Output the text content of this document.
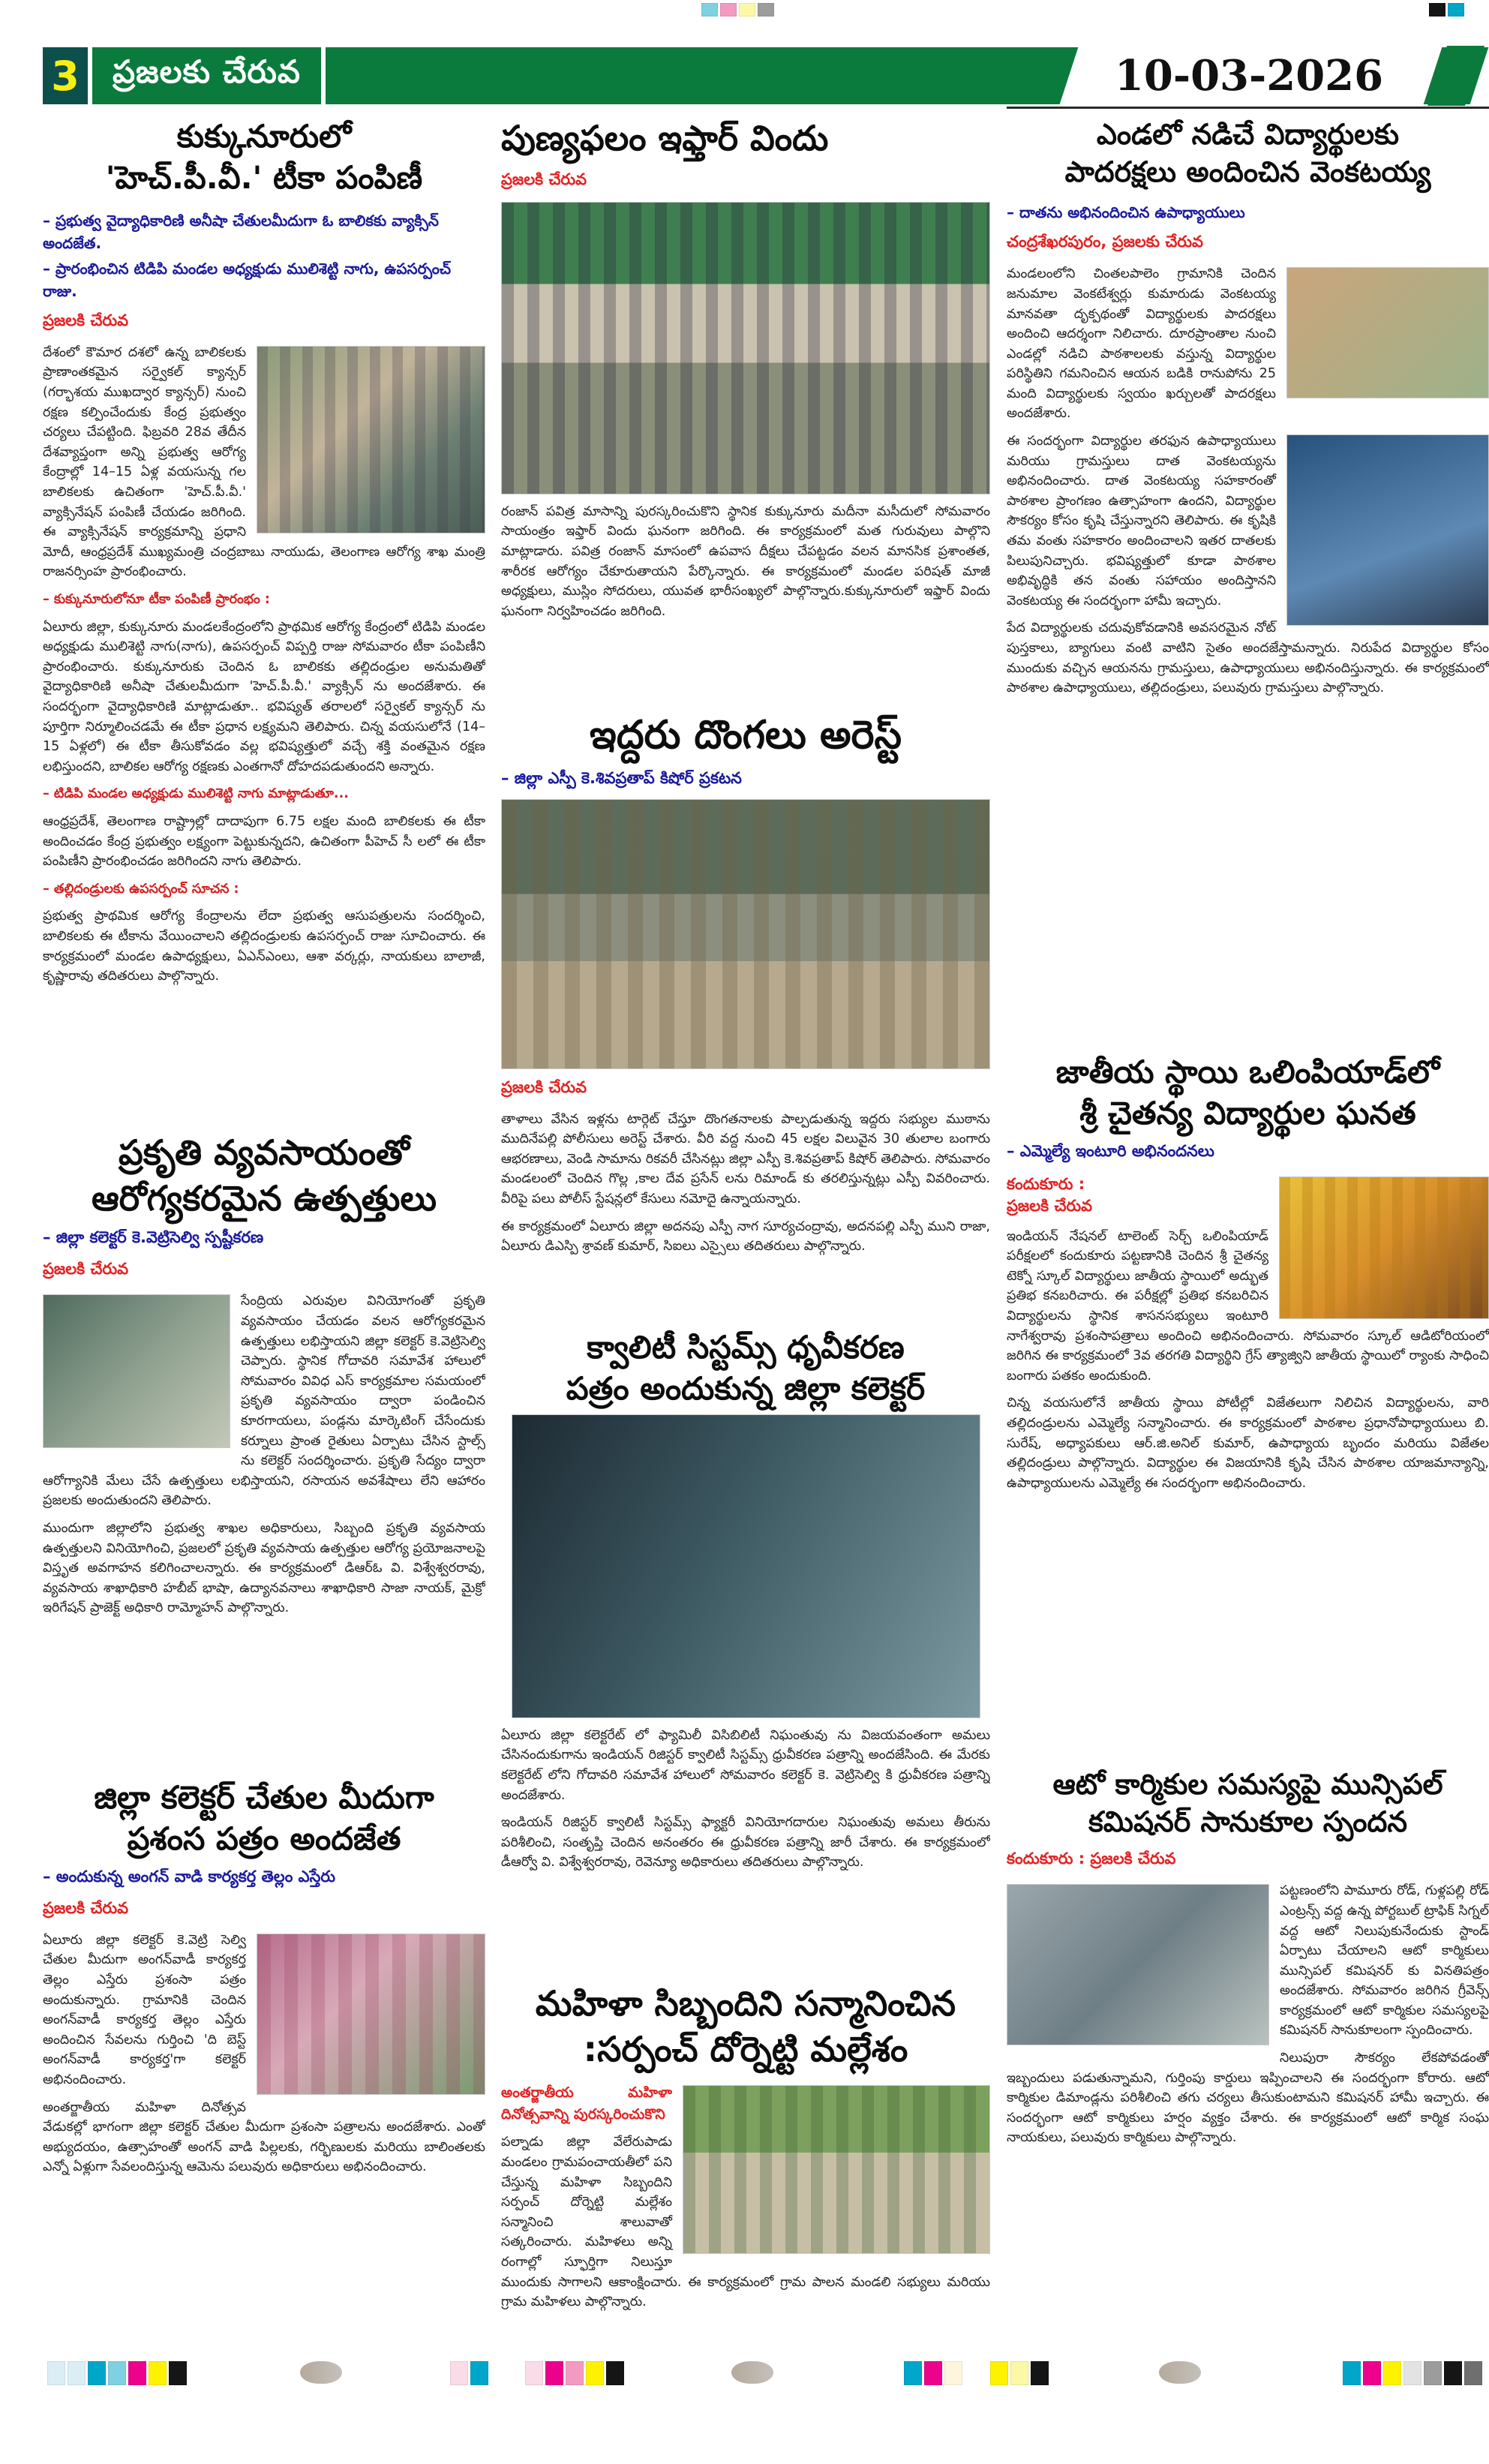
3	ప్రజలకు చేరువ	10-03-2026
కుక్కునూరులో
'హెచ్.పీ.వీ.' టీకా పంపిణీ
– ప్రభుత్వ వైద్యాధికారిణి అనీషా చేతులమీదుగా ఓ బాలికకు వ్యాక్సిన్ అందజేత.
– ప్రారంభించిన టిడిపి మండల అధ్యక్షుడు ములిశెట్టి నాగు, ఉపసర్పంచ్ రాజు.
ప్రజలకి చేరువ

దేశంలో కౌమార దశలో ఉన్న బాలికలకు ప్రాణాంతకమైన సర్వైకల్ క్యాన్సర్ (గర్భాశయ ముఖద్వార క్యాన్సర్) నుంచి రక్షణ కల్పించేందుకు కేంద్ర ప్రభుత్వం చర్యలు చేపట్టింది. ఫిబ్రవరి 28వ తేదీన దేశవ్యాప్తంగా అన్ని ప్రభుత్వ ఆరోగ్య కేంద్రాల్లో 14–15 ఏళ్ల వయసున్న గల బాలికలకు ఉచితంగా 'హెచ్.పీ.వీ.' వ్యాక్సినేషన్ పంపిణీ చేయడం జరిగింది. ఈ వ్యాక్సినేషన్ కార్యక్రమాన్ని ప్రధాని మోదీ, ఆంధ్రప్రదేశ్ ముఖ్యమంత్రి చంద్రబాబు నాయుడు, తెలంగాణ ఆరోగ్య శాఖ మంత్రి రాజనర్సింహ ప్రారంభించారు.

– కుక్కునూరులోనూ టీకా పంపిణీ ప్రారంభం :

ఏలూరు జిల్లా, కుక్కునూరు మండలకేంద్రంలోని ప్రాథమిక ఆరోగ్య కేంద్రంలో టిడిపి మండల అధ్యక్షుడు ములిశెట్టి నాగు(నాగు), ఉపసర్పంచ్ విప్పర్తి రాజు సోమవారం టీకా పంపిణీని ప్రారంభించారు. కుక్కునూరుకు చెందిన ఓ బాలికకు తల్లిదండ్రుల అనుమతితో వైద్యాధికారిణి అనీషా చేతులమీదుగా 'హెచ్.పీ.వీ.' వ్యాక్సిన్ ను అందజేశారు. ఈ సందర్భంగా వైద్యాధికారిణి మాట్లాడుతూ.. భవిష్యత్ తరాలలో సర్వైకల్ క్యాన్సర్ ను పూర్తిగా నిర్మూలించడమే ఈ టీకా ప్రధాన లక్ష్యమని తెలిపారు. చిన్న వయసులోనే (14–15 ఏళ్లలో) ఈ టీకా తీసుకోవడం వల్ల భవిష్యత్తులో వచ్చే శక్తి వంతమైన రక్షణ లభిస్తుందని, బాలికల ఆరోగ్య రక్షణకు ఎంతగానో దోహదపడుతుందని అన్నారు.

– టిడిపి మండల అధ్యక్షుడు ములిశెట్టి నాగు మాట్లాడుతూ...

ఆంధ్రప్రదేశ్, తెలంగాణ రాష్ట్రాల్లో దాదాపుగా 6.75 లక్షల మంది బాలికలకు ఈ టీకా అందించడం కేంద్ర ప్రభుత్వం లక్ష్యంగా పెట్టుకున్నదని, ఉచితంగా పీహెచ్ సీ లలో ఈ టీకా పంపిణీని ప్రారంభించడం జరిగిందని నాగు తెలిపారు.

– తల్లిదండ్రులకు ఉపసర్పంచ్ సూచన :

ప్రభుత్వ ప్రాథమిక ఆరోగ్య కేంద్రాలను లేదా ప్రభుత్వ ఆసుపత్రులను సందర్శించి, బాలికలకు ఈ టీకాను వేయించాలని తల్లిదండ్రులకు ఉపసర్పంచ్ రాజు సూచించారు. ఈ కార్యక్రమంలో మండల ఉపాధ్యక్షులు, ఏఎన్ఎంలు, ఆశా వర్కర్లు, నాయకులు బాలాజీ, కృష్ణారావు తదితరులు పాల్గొన్నారు.

ప్రకృతి వ్యవసాయంతో
ఆరోగ్యకరమైన ఉత్పత్తులు
– జిల్లా కలెక్టర్ కె.వెట్రిసెల్వి స్పష్టీకరణ
ప్రజలకి చేరువ

సేంద్రియ ఎరువుల వినియోగంతో ప్రకృతి వ్యవసాయం చేయడం వలన ఆరోగ్యకరమైన ఉత్పత్తులు లభిస్తాయని జిల్లా కలెక్టర్ కె.వెట్రిసెల్వి చెప్పారు. స్థానిక గోదావరి సమావేశ హాలులో సోమవారం వివిధ ఎస్ కార్యక్రమాల సమయంలో ప్రకృతి వ్యవసాయం ద్వారా పండించిన కూరగాయలు, పండ్లను మార్కెటింగ్ చేసేందుకు కర్నూలు ప్రాంత రైతులు ఏర్పాటు చేసిన స్టాల్స్ ను కలెక్టర్ సందర్శించారు. ప్రకృతి సేద్యం ద్వారా ఆరోగ్యానికి మేలు చేసే ఉత్పత్తులు లభిస్తాయని, రసాయన అవశేషాలు లేని ఆహారం ప్రజలకు అందుతుందని తెలిపారు.

ముందుగా జిల్లాలోని ప్రభుత్వ శాఖల అధికారులు, సిబ్బంది ప్రకృతి వ్యవసాయ ఉత్పత్తులని వినియోగించి, ప్రజలలో ప్రకృతి వ్యవసాయ ఉత్పత్తుల ఆరోగ్య ప్రయోజనాలపై విస్తృత అవగాహన కలిగించాలన్నారు. ఈ కార్యక్రమంలో డిఆర్ఓ వి. విశ్వేశ్వరరావు, వ్యవసాయ శాఖాధికారి హబీబ్ భాషా, ఉద్యానవనాలు శాఖాధికారి సాజా నాయక్, మైక్రో ఇరిగేషన్ ప్రాజెక్ట్ అధికారి రామ్మోహన్ పాల్గొన్నారు.

జిల్లా కలెక్టర్ చేతుల మీదుగా
ప్రశంస పత్రం అందజేత
– అందుకున్న అంగన్ వాడి కార్యకర్త తెల్లం ఎస్తేరు
ప్రజలకి చేరువ

ఏలూరు జిల్లా కలెక్టర్ కె.వెట్రి సెల్వి చేతుల మీదుగా అంగన్‌వాడీ కార్యకర్త తెల్లం ఎస్తేరు ప్రశంసా పత్రం అందుకున్నారు. గ్రామానికి చెందిన అంగన్‌వాడీ కార్యకర్త తెల్లం ఎస్తేరు అందించిన సేవలను గుర్తించి 'ది బెస్ట్ అంగన్‌వాడీ కార్యకర్త'గా కలెక్టర్ అభినందించారు.

అంతర్జాతీయ మహిళా దినోత్సవ వేడుకల్లో భాగంగా జిల్లా కలెక్టర్ చేతుల మీదుగా ప్రశంసా పత్రాలను అందజేశారు. ఎంతో అభ్యుదయం, ఉత్సాహంతో అంగన్ వాడి పిల్లలకు, గర్భిణులకు మరియు బాలింతలకు ఎన్నో ఏళ్లుగా సేవలందిస్తున్న ఆమెను పలువురు అధికారులు అభినందించారు.

పుణ్యఫలం ఇఫ్తార్ విందు
ప్రజలకి చేరువ

రంజాన్ పవిత్ర మాసాన్ని పురస్కరించుకొని స్థానిక కుక్కునూరు మదీనా మసీదులో సోమవారం సాయంత్రం ఇఫ్తార్ విందు ఘనంగా జరిగింది. ఈ కార్యక్రమంలో మత గురువులు పాల్గొని మాట్లాడారు. పవిత్ర రంజాన్ మాసంలో ఉపవాస దీక్షలు చేపట్టడం వలన మానసిక ప్రశాంతత, శారీరక ఆరోగ్యం చేకూరుతాయని పేర్కొన్నారు. ఈ కార్యక్రమంలో మండల పరిషత్ మాజీ అధ్యక్షులు, ముస్లిం సోదరులు, యువత భారీసంఖ్యలో పాల్గొన్నారు.కుక్కునూరులో ఇఫ్తార్ విందు ఘనంగా నిర్వహించడం జరిగింది.

ఇద్దరు దొంగలు అరెస్ట్
– జిల్లా ఎస్పీ కె.శివప్రతాప్ కిషోర్ ప్రకటన
ప్రజలకి చేరువ

తాళాలు వేసిన ఇళ్లను టార్గెట్ చేస్తూ దొంగతనాలకు పాల్పడుతున్న ఇద్దరు సభ్యుల ముఠాను ముదినేపల్లి పోలీసులు అరెస్ట్ చేశారు. వీరి వద్ద నుంచి 45 లక్షల విలువైన 30 తులాల బంగారు ఆభరణాలు, వెండి సామాను రికవరీ చేసినట్లు జిల్లా ఎస్పీ కె.శివప్రతాప్ కిషోర్ తెలిపారు. సోమవారం మండలంలో చెందిన గొల్ల ,కాల దేవ ప్రసేన్ లను రిమాండ్ కు తరలిస్తున్నట్లు ఎస్పీ వివరించారు. వీరిపై పలు పోలీస్ స్టేషన్లలో కేసులు నమోదై ఉన్నాయన్నారు.

ఈ కార్యక్రమంలో ఏలూరు జిల్లా అదనపు ఎస్పీ నాగ సూర్యచంద్రావు, అదనపల్లి ఎస్పీ ముని రాజా, ఏలూరు డిఎస్పి శ్రావణ్ కుమార్, సిఐలు ఎస్సైలు తదితరులు పాల్గొన్నారు.

క్వాలిటీ సిస్టమ్స్ ధృవీకరణ
పత్రం అందుకున్న జిల్లా కలెక్టర్

ఏలూరు జిల్లా కలెక్టరేట్ లో ఫ్యామిలీ విసిబిలిటీ నిఘంతువు ను విజయవంతంగా అమలు చేసినందుకుగాను ఇండియన్ రిజిస్టర్ క్వాలిటీ సిస్టమ్స్ ధ్రువీకరణ పత్రాన్ని అందజేసింది. ఈ మేరకు కలెక్టరేట్ లోని గోదావరి సమావేశ హాలులో సోమవారం కలెక్టర్ కె. వెట్రిసెల్వి కి ధ్రువీకరణ పత్రాన్ని అందజేశారు.

ఇండియన్ రిజిస్టర్ క్వాలిటీ సిస్టమ్స్ ఫ్యాక్టరీ వినియోగదారుల నిఘంతువు అమలు తీరును పరిశీలించి, సంతృప్తి చెందిన అనంతరం ఈ ధ్రువీకరణ పత్రాన్ని జారీ చేశారు. ఈ కార్యక్రమంలో డీఆర్వో వి. విశ్వేశ్వరరావు, రెవెన్యూ అధికారులు తదితరులు పాల్గొన్నారు.

మహిళా సిబ్బందిని సన్మానించిన
:సర్పంచ్ దోర్నెట్టి మల్లేశం

అంతర్జాతీయ మహిళా దినోత్సవాన్ని పురస్కరించుకొని

పల్నాడు జిల్లా వేలేరుపాడు మండలం గ్రామపంచాయతీలో పని చేస్తున్న మహిళా సిబ్బందిని సర్పంచ్ దోర్నెట్టి మల్లేశం సన్మానించి శాలువాతో సత్కరించారు. మహిళలు అన్ని రంగాల్లో స్ఫూర్తిగా నిలుస్తూ ముందుకు సాగాలని ఆకాంక్షించారు. ఈ కార్యక్రమంలో గ్రామ పాలన మండలి సభ్యులు మరియు గ్రామ మహిళలు పాల్గొన్నారు.

ఎండలో నడిచే విద్యార్థులకు
పాదరక్షలు అందించిన వెంకటయ్య
– దాతను అభినందించిన ఉపాధ్యాయులు
చంద్రశేఖరపురం, ప్రజలకు చేరువ

మండలంలోని చింతలపాలెం గ్రామానికి చెందిన జనుమాల వెంకటేశ్వర్లు కుమారుడు వెంకటయ్య మానవతా దృక్పథంతో విద్యార్థులకు పాదరక్షలు అందించి ఆదర్శంగా నిలిచారు. దూరప్రాంతాల నుంచి ఎండల్లో నడిచి పాఠశాలలకు వస్తున్న విద్యార్థుల పరిస్థితిని గమనించిన ఆయన బడికి రానుపోను 25 మంది విద్యార్థులకు స్వయం ఖర్చులతో పాదరక్షలు అందజేశారు.

ఈ సందర్భంగా విద్యార్థుల తరఫున ఉపాధ్యాయులు మరియు గ్రామస్తులు దాత వెంకటయ్యను అభినందించారు. దాత వెంకటయ్య సహకారంతో పాఠశాల ప్రాంగణం ఉత్సాహంగా ఉందని, విద్యార్థుల సౌకర్యం కోసం కృషి చేస్తున్నారని తెలిపారు. ఈ కృషికి తమ వంతు సహకారం అందించాలని ఇతర దాతలకు పిలుపునిచ్చారు. భవిష్యత్తులో కూడా పాఠశాల అభివృద్ధికి తన వంతు సహాయం అందిస్తానని వెంకటయ్య ఈ సందర్భంగా హామీ ఇచ్చారు.

పేద విద్యార్థులకు చదువుకోవడానికి అవసరమైన నోట్ పుస్తకాలు, బ్యాగులు వంటి వాటిని సైతం అందజేస్తామన్నారు. నిరుపేద విద్యార్థుల కోసం ముందుకు వచ్చిన ఆయనను గ్రామస్తులు, ఉపాధ్యాయులు అభినందిస్తున్నారు. ఈ కార్యక్రమంలో పాఠశాల ఉపాధ్యాయులు, తల్లిదండ్రులు, పలువురు గ్రామస్తులు పాల్గొన్నారు.

జాతీయ స్థాయి ఒలింపియాడ్‌లో
శ్రీ చైతన్య విద్యార్థుల ఘనత
– ఎమ్మెల్యే ఇంటూరి అభినందనలు
కందుకూరు :
ప్రజలకి చేరువ

ఇండియన్ నేషనల్ టాలెంట్ సెర్చ్ ఒలింపియాడ్ పరీక్షలలో కందుకూరు పట్టణానికి చెందిన శ్రీ చైతన్య టెక్నో స్కూల్ విద్యార్థులు జాతీయ స్థాయిలో అద్భుత ప్రతిభ కనబరిచారు. ఈ పరీక్షల్లో ప్రతిభ కనబరిచిన విద్యార్థులను స్థానిక శాసనసభ్యులు ఇంటూరి నాగేశ్వరావు ప్రశంసాపత్రాలు అందించి అభినందించారు. సోమవారం స్కూల్ ఆడిటోరియంలో జరిగిన ఈ కార్యక్రమంలో 3వ తరగతి విద్యార్థిని గ్రేస్ త్యాజ్విని జాతీయ స్థాయిలో ర్యాంకు సాధించి బంగారు పతకం అందుకుంది.

చిన్న వయసులోనే జాతీయ స్థాయి పోటీల్లో విజేతలుగా నిలిచిన విద్యార్థులను, వారి తల్లిదండ్రులను ఎమ్మెల్యే సన్మానించారు. ఈ కార్యక్రమంలో పాఠశాల ప్రధానోపాధ్యాయులు బి. సురేష్, అధ్యాపకులు ఆర్.జి.అనిల్ కుమార్, ఉపాధ్యాయ బృందం మరియు విజేతల తల్లిదండ్రులు పాల్గొన్నారు. విద్యార్థుల ఈ విజయానికి కృషి చేసిన పాఠశాల యాజమాన్యాన్ని, ఉపాధ్యాయులను ఎమ్మెల్యే ఈ సందర్భంగా అభినందించారు.

ఆటో కార్మికుల సమస్యపై మున్సిపల్
కమిషనర్ సానుకూల స్పందన
కందుకూరు : ప్రజలకి చేరువ

పట్టణంలోని పామూరు రోడ్, గుళ్లపల్లి రోడ్ ఎంట్రన్స్ వద్ద ఉన్న పోర్టబుల్ ట్రాఫిక్ సిగ్నల్ వద్ద ఆటో నిలుపుకునేందుకు స్టాండ్ ఏర్పాటు చేయాలని ఆటో కార్మికులు మున్సిపల్ కమిషనర్ కు వినతిపత్రం అందజేశారు. సోమవారం జరిగిన గ్రీవెన్స్ కార్యక్రమంలో ఆటో కార్మికుల సమస్యలపై కమిషనర్ సానుకూలంగా స్పందించారు.

నిలుపురా సౌకర్యం లేకపోవడంతో ఇబ్బందులు పడుతున్నామని, గుర్తింపు కార్డులు ఇప్పించాలని ఈ సందర్భంగా కోరారు. ఆటో కార్మికుల డిమాండ్లను పరిశీలించి తగు చర్యలు తీసుకుంటామని కమిషనర్ హామీ ఇచ్చారు. ఈ సందర్భంగా ఆటో కార్మికులు హర్షం వ్యక్తం చేశారు. ఈ కార్యక్రమంలో ఆటో కార్మిక సంఘ నాయకులు, పలువురు కార్మికులు పాల్గొన్నారు.
